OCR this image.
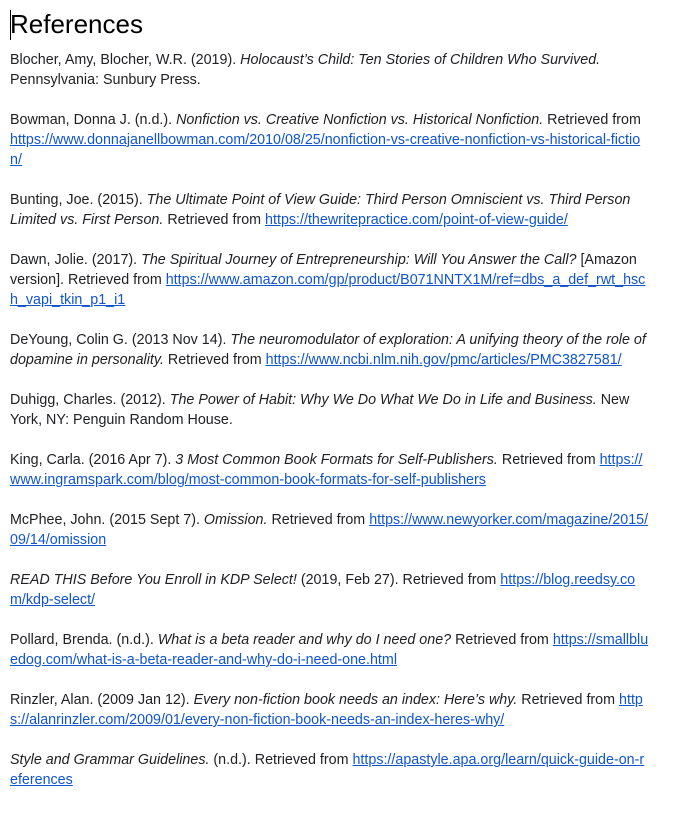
References

Blocher, Amy, Blocher, W.R. (2019). Holocaust’s Child: Ten Stories of Children Who Survived. Pennsylvania: Sunbury Press.

Bowman, Donna J. (n.d.). Nonfiction vs. Creative Nonfiction vs. Historical Nonfiction. Retrieved from https://www.donnajanellbowman.com/2010/08/25/nonfiction-vs-creative-nonfiction-vs-historical-fiction/

Bunting, Joe. (2015). The Ultimate Point of View Guide: Third Person Omniscient vs. Third Person Limited vs. First Person. Retrieved from https://thewritepractice.com/point-of-view-guide/

Dawn, Jolie. (2017). The Spiritual Journey of Entrepreneurship: Will You Answer the Call? [Amazon version]. Retrieved from https://www.amazon.com/gp/product/B071NNTX1M/ref=dbs_a_def_rwt_hsch_vapi_tkin_p1_i1

DeYoung, Colin G. (2013 Nov 14). The neuromodulator of exploration: A unifying theory of the role of dopamine in personality. Retrieved from https://www.ncbi.nlm.nih.gov/pmc/articles/PMC3827581/

Duhigg, Charles. (2012). The Power of Habit: Why We Do What We Do in Life and Business. New York, NY: Penguin Random House.

King, Carla. (2016 Apr 7). 3 Most Common Book Formats for Self-Publishers. Retrieved from https://www.ingramspark.com/blog/most-common-book-formats-for-self-publishers

McPhee, John. (2015 Sept 7). Omission. Retrieved from https://www.newyorker.com/magazine/2015/09/14/omission

READ THIS Before You Enroll in KDP Select! (2019, Feb 27). Retrieved from https://blog.reedsy.com/kdp-select/

Pollard, Brenda. (n.d.). What is a beta reader and why do I need one? Retrieved from https://smallbluedog.com/what-is-a-beta-reader-and-why-do-i-need-one.html

Rinzler, Alan. (2009 Jan 12). Every non-fiction book needs an index: Here’s why. Retrieved from https://alanrinzler.com/2009/01/every-non-fiction-book-needs-an-index-heres-why/

Style and Grammar Guidelines. (n.d.). Retrieved from https://apastyle.apa.org/learn/quick-guide-on-references
